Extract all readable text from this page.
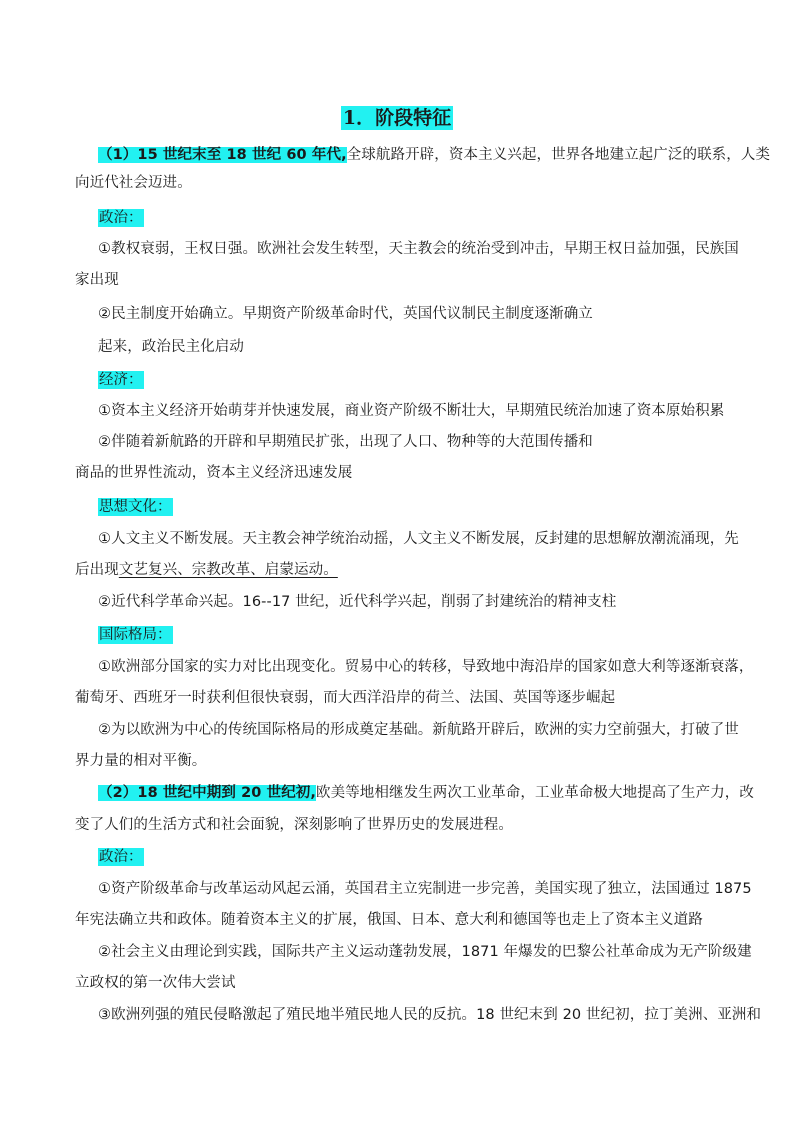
1．阶段特征
（1）15 世纪末至 18 世纪 60 年代,全球航路开辟，资本主义兴起，世界各地建立起广泛的联系，人类
向近代社会迈进。
政治：
①教权衰弱，王权日强。欧洲社会发生转型，天主教会的统治受到冲击，早期王权日益加强，民族国
家出现
②民主制度开始确立。早期资产阶级革命时代，英国代议制民主制度逐渐确立
起来，政治民主化启动
经济：
①资本主义经济开始萌芽并快速发展，商业资产阶级不断壮大，早期殖民统治加速了资本原始积累
②伴随着新航路的开辟和早期殖民扩张，出现了人口、物种等的大范围传播和
商品的世界性流动，资本主义经济迅速发展
思想文化：
①人文主义不断发展。天主教会神学统治动摇，人文主义不断发展，反封建的思想解放潮流涌现，先
后出现文艺复兴、宗教改革、启蒙运动。
②近代科学革命兴起。16--17 世纪，近代科学兴起，削弱了封建统治的精神支柱
国际格局：
①欧洲部分国家的实力对比出现变化。贸易中心的转移，导致地中海沿岸的国家如意大利等逐渐衰落，
葡萄牙、西班牙一时获利但很快衰弱，而大西洋沿岸的荷兰、法国、英国等逐步崛起
②为以欧洲为中心的传统国际格局的形成奠定基础。新航路开辟后，欧洲的实力空前强大，打破了世
界力量的相对平衡。
（2）18 世纪中期到 20 世纪初,欧美等地相继发生两次工业革命，工业革命极大地提高了生产力，改
变了人们的生活方式和社会面貌，深刻影响了世界历史的发展进程。
政治：
①资产阶级革命与改革运动风起云涌，英国君主立宪制进一步完善，美国实现了独立，法国通过 1875
年宪法确立共和政体。随着资本主义的扩展，俄国、日本、意大利和德国等也走上了资本主义道路
②社会主义由理论到实践，国际共产主义运动蓬勃发展，1871 年爆发的巴黎公社革命成为无产阶级建
立政权的第一次伟大尝试
③欧洲列强的殖民侵略激起了殖民地半殖民地人民的反抗。18 世纪末到 20 世纪初，拉丁美洲、亚洲和
